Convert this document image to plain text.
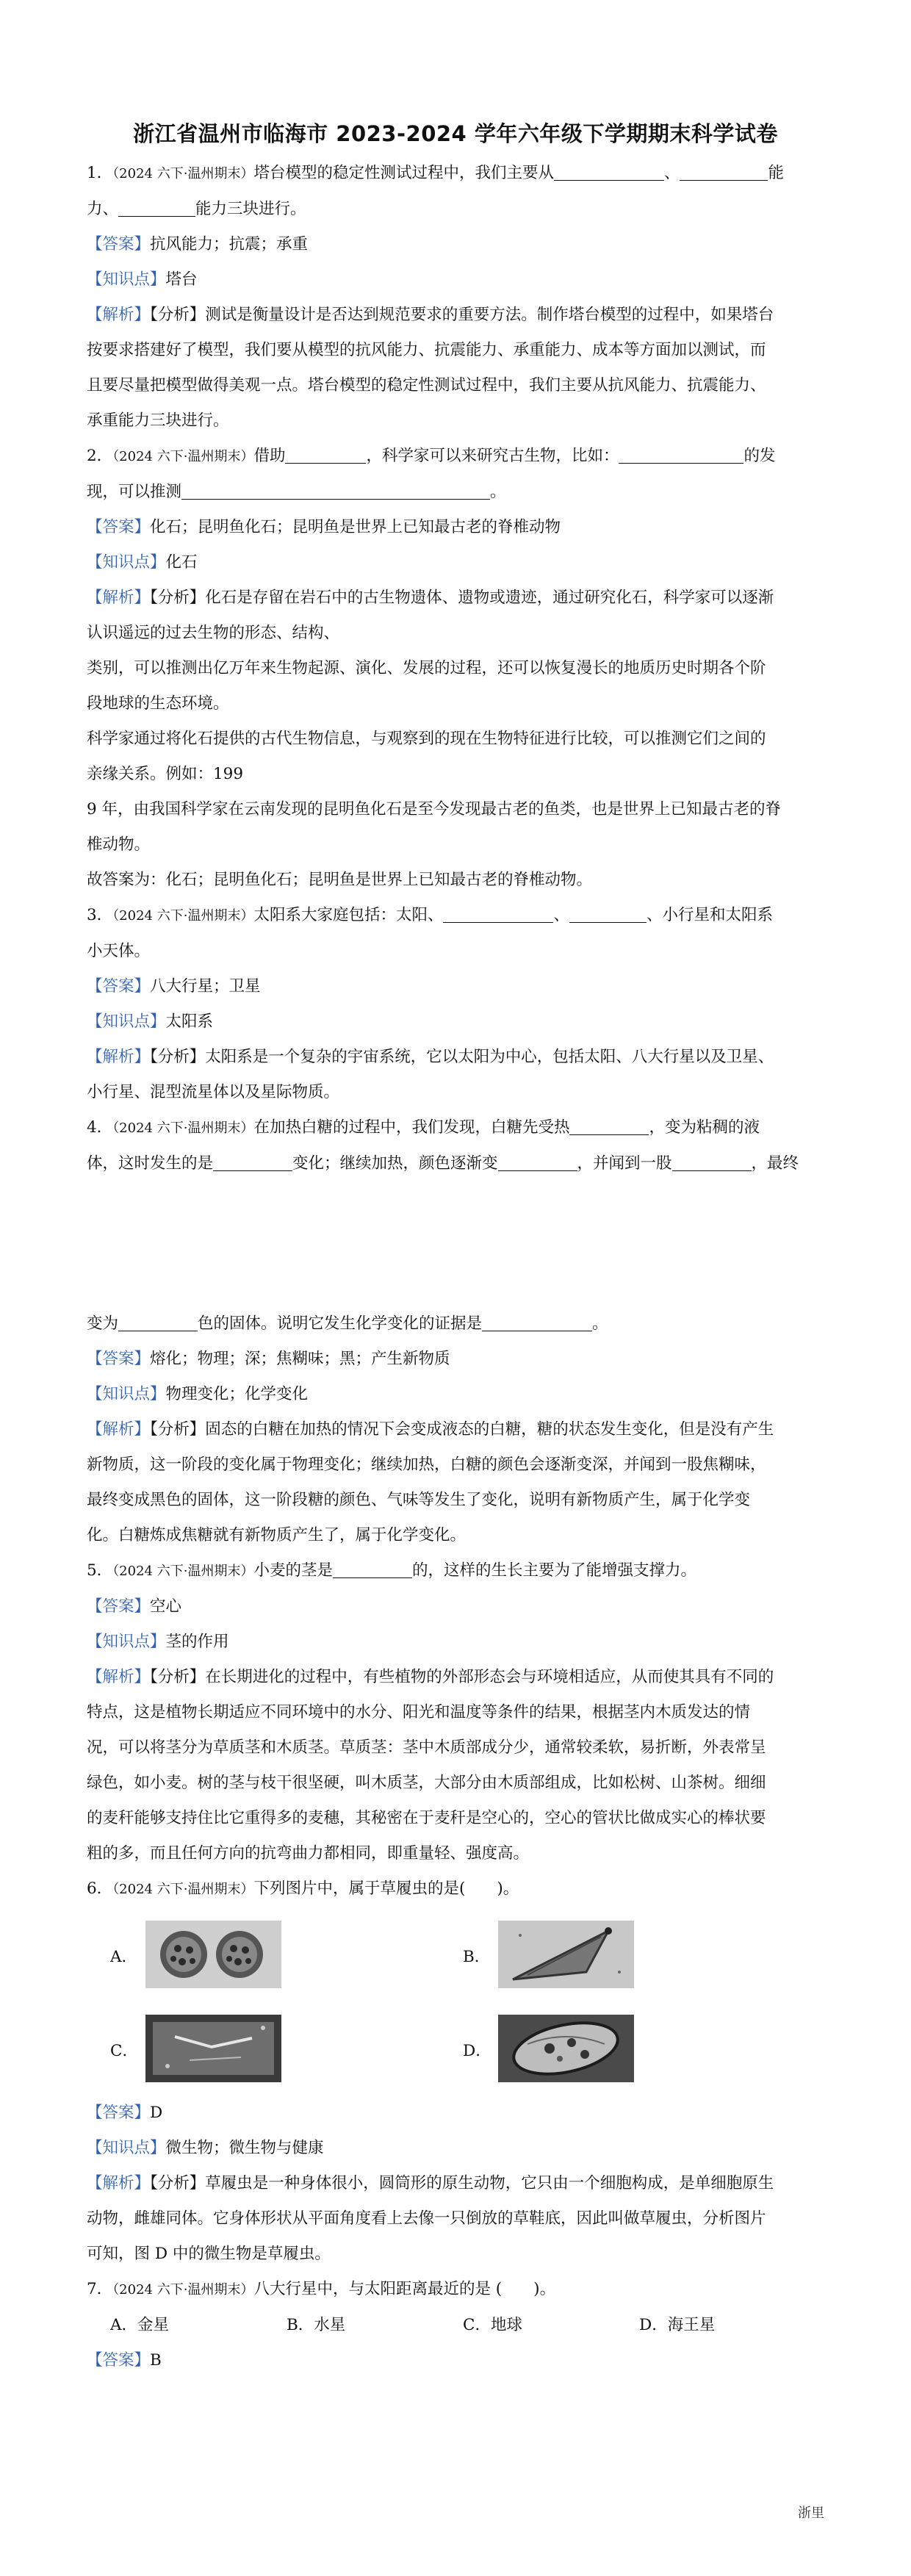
浙江省温州市临海市 2023-2024 学年六年级下学期期末科学试卷
1．（2024 六下·温州期末）塔台模型的稳定性测试过程中，我们主要从	、	能
力、	能力三块进行。
【答案】抗风能力；抗震；承重
【知识点】塔台
【解析】【分析】测试是衡量设计是否达到规范要求的重要方法。制作塔台模型的过程中，如果塔台
按要求搭建好了模型，我们要从模型的抗风能力、抗震能力、承重能力、成本等方面加以测试，而
且要尽量把模型做得美观一点。塔台模型的稳定性测试过程中，我们主要从抗风能力、抗震能力、
承重能力三块进行。
2．（2024 六下·温州期末）借助	，科学家可以来研究古生物，比如：	的发
现，可以推测	。
【答案】化石；昆明鱼化石；昆明鱼是世界上已知最古老的脊椎动物
【知识点】化石
【解析】【分析】化石是存留在岩石中的古生物遗体、遗物或遗迹，通过研究化石，科学家可以逐渐
认识遥远的过去生物的形态、结构、
类别，可以推测出亿万年来生物起源、演化、发展的过程，还可以恢复漫长的地质历史时期各个阶
段地球的生态环境。
科学家通过将化石提供的古代生物信息，与观察到的现在生物特征进行比较，可以推测它们之间的
亲缘关系。例如：199
9 年，由我国科学家在云南发现的昆明鱼化石是至今发现最古老的鱼类，也是世界上已知最古老的脊
椎动物。
故答案为：化石；昆明鱼化石；昆明鱼是世界上已知最古老的脊椎动物。
3．（2024 六下·温州期末）太阳系大家庭包括：太阳、	、	、小行星和太阳系
小天体。
【答案】八大行星；卫星
【知识点】太阳系
【解析】【分析】太阳系是一个复杂的宇宙系统，它以太阳为中心，包括太阳、八大行星以及卫星、
小行星、混型流星体以及星际物质。
4．（2024 六下·温州期末）在加热白糖的过程中，我们发现，白糖先受热	，变为粘稠的液
体，这时发生的是	变化；继续加热，颜色逐渐变	，并闻到一股	，最终
变为	色的固体。说明它发生化学变化的证据是	。
【答案】熔化；物理；深；焦糊味；黑；产生新物质
【知识点】物理变化；化学变化
【解析】【分析】固态的白糖在加热的情况下会变成液态的白糖，糖的状态发生变化，但是没有产生
新物质，这一阶段的变化属于物理变化；继续加热，白糖的颜色会逐渐变深，并闻到一股焦糊味，
最终变成黑色的固体，这一阶段糖的颜色、气味等发生了变化，说明有新物质产生，属于化学变
化。白糖炼成焦糖就有新物质产生了，属于化学变化。
5．（2024 六下·温州期末）小麦的茎是	的，这样的生长主要为了能增强支撑力。
【答案】空心
【知识点】茎的作用
【解析】【分析】在长期进化的过程中，有些植物的外部形态会与环境相适应，从而使其具有不同的
特点，这是植物长期适应不同环境中的水分、阳光和温度等条件的结果，根据茎内木质发达的情
况，可以将茎分为草质茎和木质茎。草质茎：茎中木质部成分少，通常较柔软，易折断，外表常呈
绿色，如小麦。树的茎与枝干很坚硬，叫木质茎，大部分由木质部组成，比如松树、山茶树。细细
的麦秆能够支持住比它重得多的麦穗，其秘密在于麦秆是空心的，空心的管状比做成实心的棒状要
粗的多，而且任何方向的抗弯曲力都相同，即重量轻、强度高。
6．（2024 六下·温州期末）下列图片中，属于草履虫的是(　　)。
A．	B．
C．	D．
【答案】D
【知识点】微生物；微生物与健康
【解析】【分析】草履虫是一种身体很小，圆筒形的原生动物，它只由一个细胞构成，是单细胞原生
动物，雌雄同体。它身体形状从平面角度看上去像一只倒放的草鞋底，因此叫做草履虫，分析图片
可知，图 D 中的微生物是草履虫。
7．（2024 六下·温州期末）八大行星中，与太阳距离最近的是 (　　)。
A．金星	B．水星	C．地球	D．海王星
【答案】B
浙里
